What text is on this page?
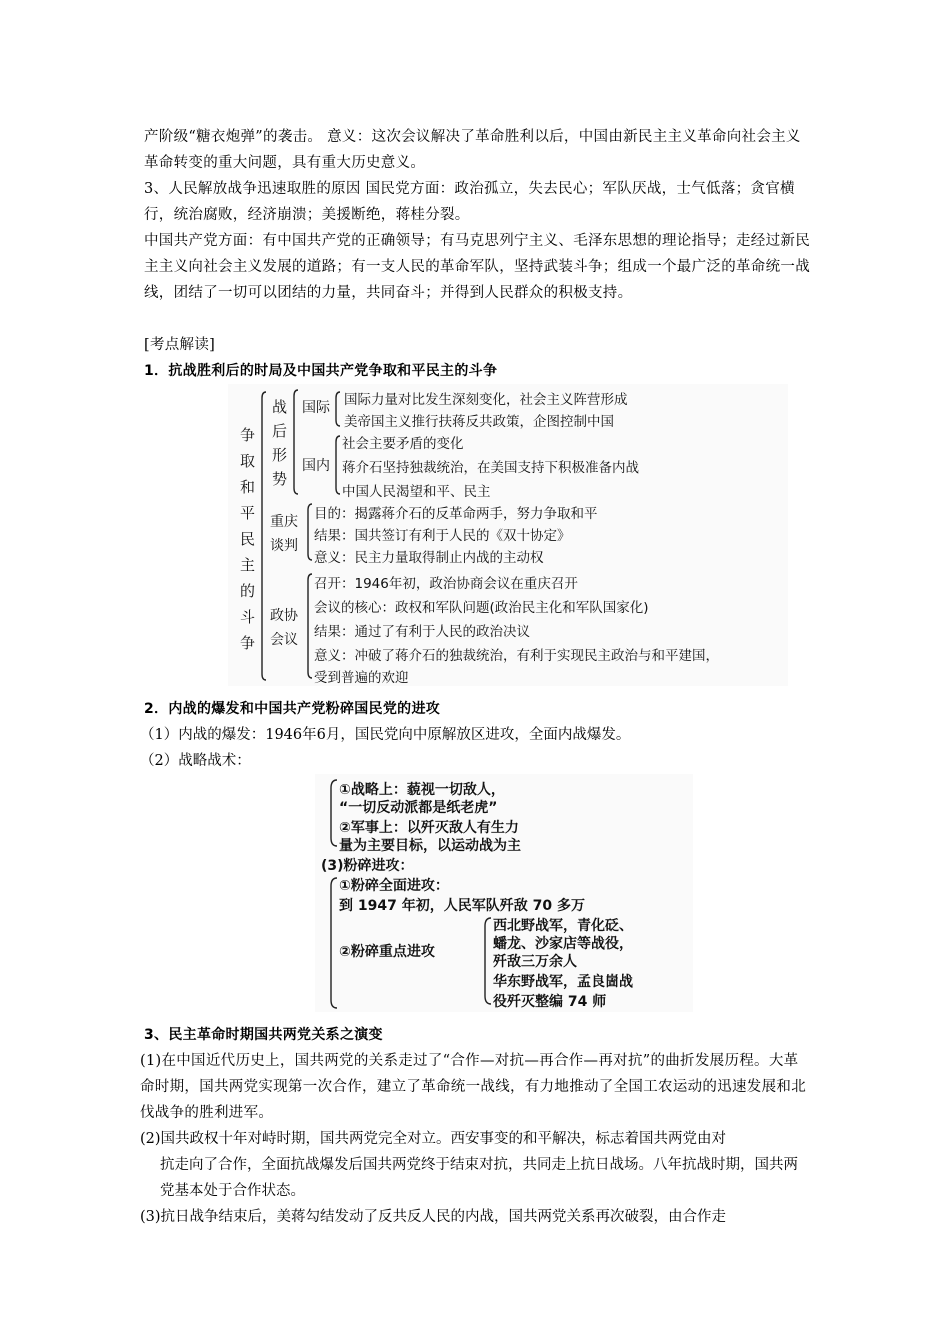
产阶级“糖衣炮弹”的袭击。 意义：这次会议解决了革命胜利以后，中国由新民主主义革命向社会主义革命转变的重大问题，具有重大历史意义。

3、人民解放战争迅速取胜的原因 国民党方面：政治孤立，失去民心；军队厌战，士气低落；贪官横行，统治腐败，经济崩溃；美援断绝，蒋桂分裂。

中国共产党方面：有中国共产党的正确领导；有马克思列宁主义、毛泽东思想的理论指导；走经过新民主主义向社会主义发展的道路；有一支人民的革命军队，坚持武装斗争；组成一个最广泛的革命统一战线，团结了一切可以团结的力量，共同奋斗；并得到人民群众的积极支持。

[考点解读]

1．抗战胜利后的时局及中国共产党争取和平民主的斗争

争
取
和
平
民
主
的
斗
争
战
后
形
势
国际 国际力量对比发生深刻变化，社会主义阵营形成
美帝国主义推行扶蒋反共政策，企图控制中国
国内
社会主要矛盾的变化
蒋介石坚持独裁统治，在美国支持下积极准备内战
中国人民渴望和平、民主
重庆
谈判
目的：揭露蒋介石的反革命两手，努力争取和平
结果：国共签订有利于人民的《双十协定》
意义：民主力量取得制止内战的主动权
政协
会议
召开：1946年初，政治协商会议在重庆召开
会议的核心：政权和军队问题(政治民主化和军队国家化)
结果：通过了有利于人民的政治决议
意义：冲破了蒋介石的独裁统治，有利于实现民主政治与和平建国，
受到普遍的欢迎

2．内战的爆发和中国共产党粉碎国民党的进攻

（1）内战的爆发：1946年6月，国民党向中原解放区进攻，全面内战爆发。

（2）战略战术：

①战略上：藐视一切敌人，
“一切反动派都是纸老虎”
②军事上：以歼灭敌人有生力
量为主要目标，以运动战为主
(3)粉碎进攻：
①粉碎全面进攻：
到 1947 年初，人民军队歼敌 70 多万
②粉碎重点进攻
西北野战军，青化砭、
蟠龙、沙家店等战役，
歼敌三万余人
华东野战军，孟良崮战
役歼灭整编 74 师

3、民主革命时期国共两党关系之演变

(1)在中国近代历史上，国共两党的关系走过了“合作—对抗—再合作—再对抗”的曲折发展历程。大革命时期，国共两党实现第一次合作，建立了革命统一战线，有力地推动了全国工农运动的迅速发展和北伐战争的胜利进军。

(2)国共政权十年对峙时期，国共两党完全对立。西安事变的和平解决，标志着国共两党由对

抗走向了合作，全面抗战爆发后国共两党终于结束对抗，共同走上抗日战场。八年抗战时期，国共两党基本处于合作状态。

(3)抗日战争结束后，美蒋勾结发动了反共反人民的内战，国共两党关系再次破裂，由合作走
